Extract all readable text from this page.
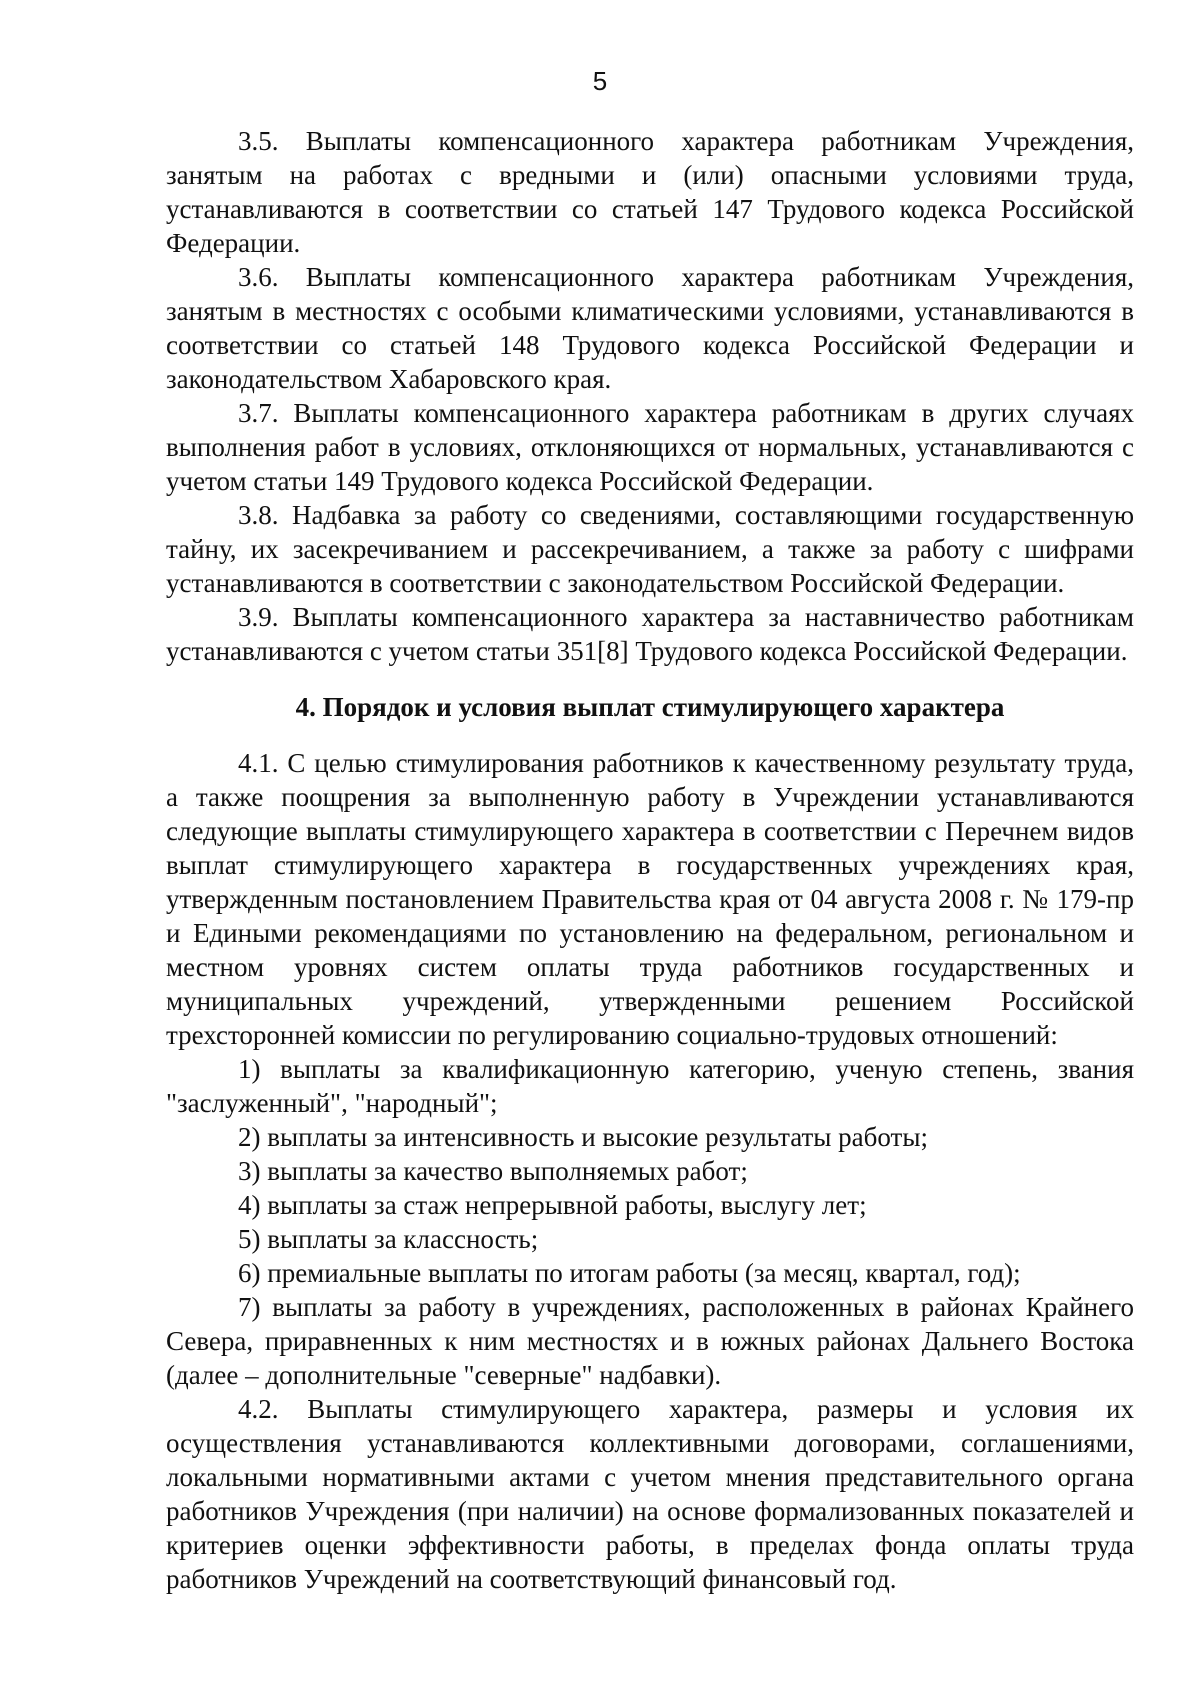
5

3.5. Выплаты компенсационного характера работникам Учреждения, занятым на работах с вредными и (или) опасными условиями труда, устанавливаются в соответствии со статьей 147 Трудового кодекса Российской Федерации.

3.6. Выплаты компенсационного характера работникам Учреждения, занятым в местностях с особыми климатическими условиями, устанавливаются в соответствии со статьей 148 Трудового кодекса Российской Федерации и законодательством Хабаровского края.

3.7. Выплаты компенсационного характера работникам в других случаях выполнения работ в условиях, отклоняющихся от нормальных, устанавливаются с учетом статьи 149 Трудового кодекса Российской Федерации.

3.8. Надбавка за работу со сведениями, составляющими государственную тайну, их засекречиванием и рассекречиванием, а также за работу с шифрами устанавливаются в соответствии с законодательством Российской Федерации.

3.9. Выплаты компенсационного характера за наставничество работникам устанавливаются с учетом статьи 351[8] Трудового кодекса Российской Федерации.

4. Порядок и условия выплат стимулирующего характера

4.1. С целью стимулирования работников к качественному результату труда, а также поощрения за выполненную работу в Учреждении устанавливаются следующие выплаты стимулирующего характера в соответствии с Перечнем видов выплат стимулирующего характера в государственных учреждениях края, утвержденным постановлением Правительства края от 04 августа 2008 г. № 179-пр и Едиными рекомендациями по установлению на федеральном, региональном и местном уровнях систем оплаты труда работников государственных и муниципальных учреждений, утвержденными решением Российской трехсторонней комиссии по регулированию социально-трудовых отношений:

1) выплаты за квалификационную категорию, ученую степень, звания "заслуженный", "народный";

2) выплаты за интенсивность и высокие результаты работы;

3) выплаты за качество выполняемых работ;

4) выплаты за стаж непрерывной работы, выслугу лет;

5) выплаты за классность;

6) премиальные выплаты по итогам работы (за месяц, квартал, год);

7) выплаты за работу в учреждениях, расположенных в районах Крайнего Севера, приравненных к ним местностях и в южных районах Дальнего Востока (далее – дополнительные "северные" надбавки).

4.2. Выплаты стимулирующего характера, размеры и условия их осуществления устанавливаются коллективными договорами, соглашениями, локальными нормативными актами с учетом мнения представительного органа работников Учреждения (при наличии) на основе формализованных показателей и критериев оценки эффективности работы, в пределах фонда оплаты труда работников Учреждений на соответствующий финансовый год.
